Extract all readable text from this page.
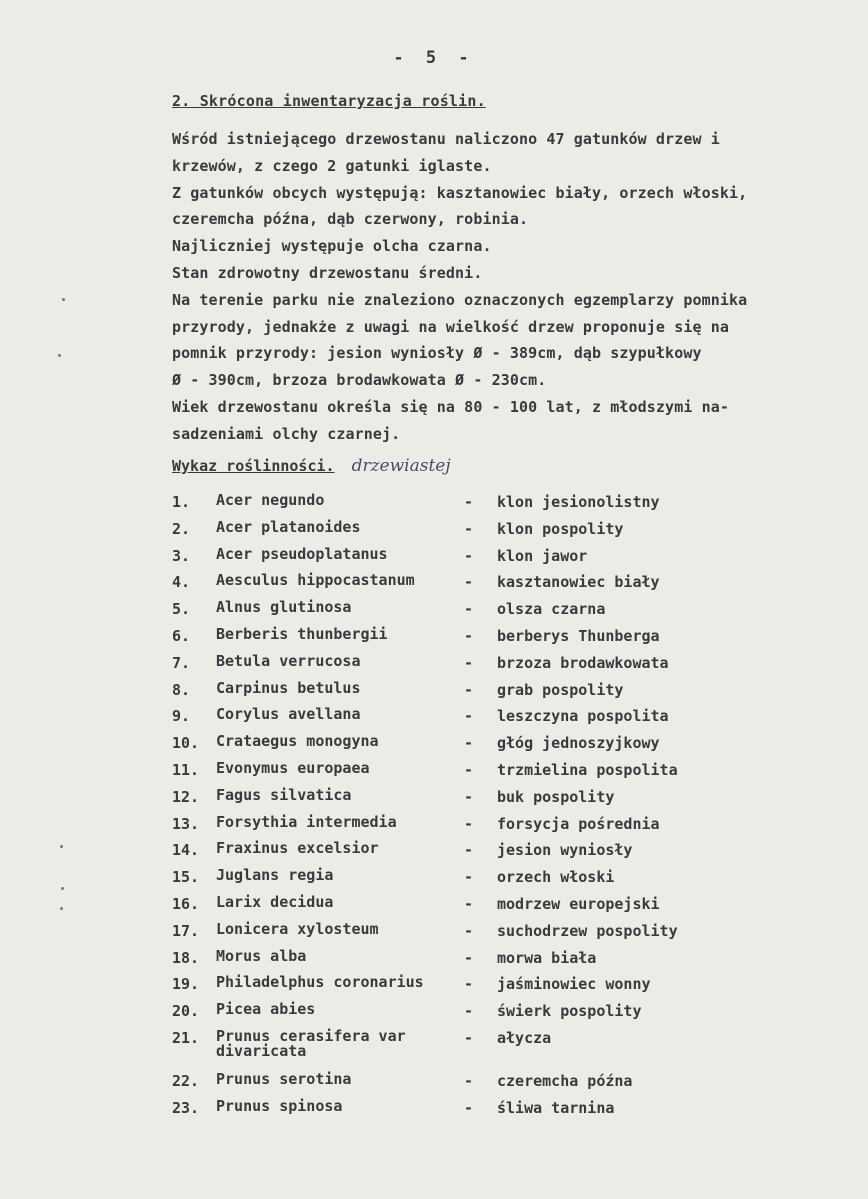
- 5 -
2. Skrócona inwentaryzacja roślin.
Wśród istniejącego drzewostanu naliczono 47 gatunków drzew i
krzewów, z czego 2 gatunki iglaste.
Z gatunków obcych występują: kasztanowiec biały, orzech włoski,
czeremcha późna, dąb czerwony, robinia.
Najliczniej występuje olcha czarna.
Stan zdrowotny drzewostanu średni.
Na terenie parku nie znaleziono oznaczonych egzemplarzy pomnika
przyrody, jednakże z uwagi na wielkość drzew proponuje się na
pomnik przyrody: jesion wyniosły Ø - 389cm, dąb szypułkowy
Ø - 390cm, brzoza brodawkowata Ø - 230cm.
Wiek drzewostanu określa się na 80 - 100 lat, z młodszymi na-
sadzeniami olchy czarnej.
Wykaz roślinności. drzewiastej
1. Acer negundo	- klon jesionolistny
2. Acer platanoides	- klon pospolity
3. Acer pseudoplatanus	- klon jawor
4. Aesculus hippocastanum	- kasztanowiec biały
5. Alnus glutinosa	- olsza czarna
6. Berberis thunbergii	- berberys Thunberga
7. Betula verrucosa	- brzoza brodawkowata
8. Carpinus betulus	- grab pospolity
9. Corylus avellana	- leszczyna pospolita
10. Crataegus monogyna	- głóg jednoszyjkowy
11. Evonymus europaea	- trzmielina pospolita
12. Fagus silvatica	- buk pospolity
13. Forsythia intermedia	- forsycja pośrednia
14. Fraxinus excelsior	- jesion wyniosły
15. Juglans regia	- orzech włoski
16. Larix decidua	- modrzew europejski
17. Lonicera xylosteum	- suchodrzew pospolity
18. Morus alba	- morwa biała
19. Philadelphus coronarius	- jaśminowiec wonny
20. Picea abies	- świerk pospolity
21. Prunus cerasifera var divaricata
- ałycza
22. Prunus serotina	- czeremcha późna
23. Prunus spinosa	- śliwa tarnina
